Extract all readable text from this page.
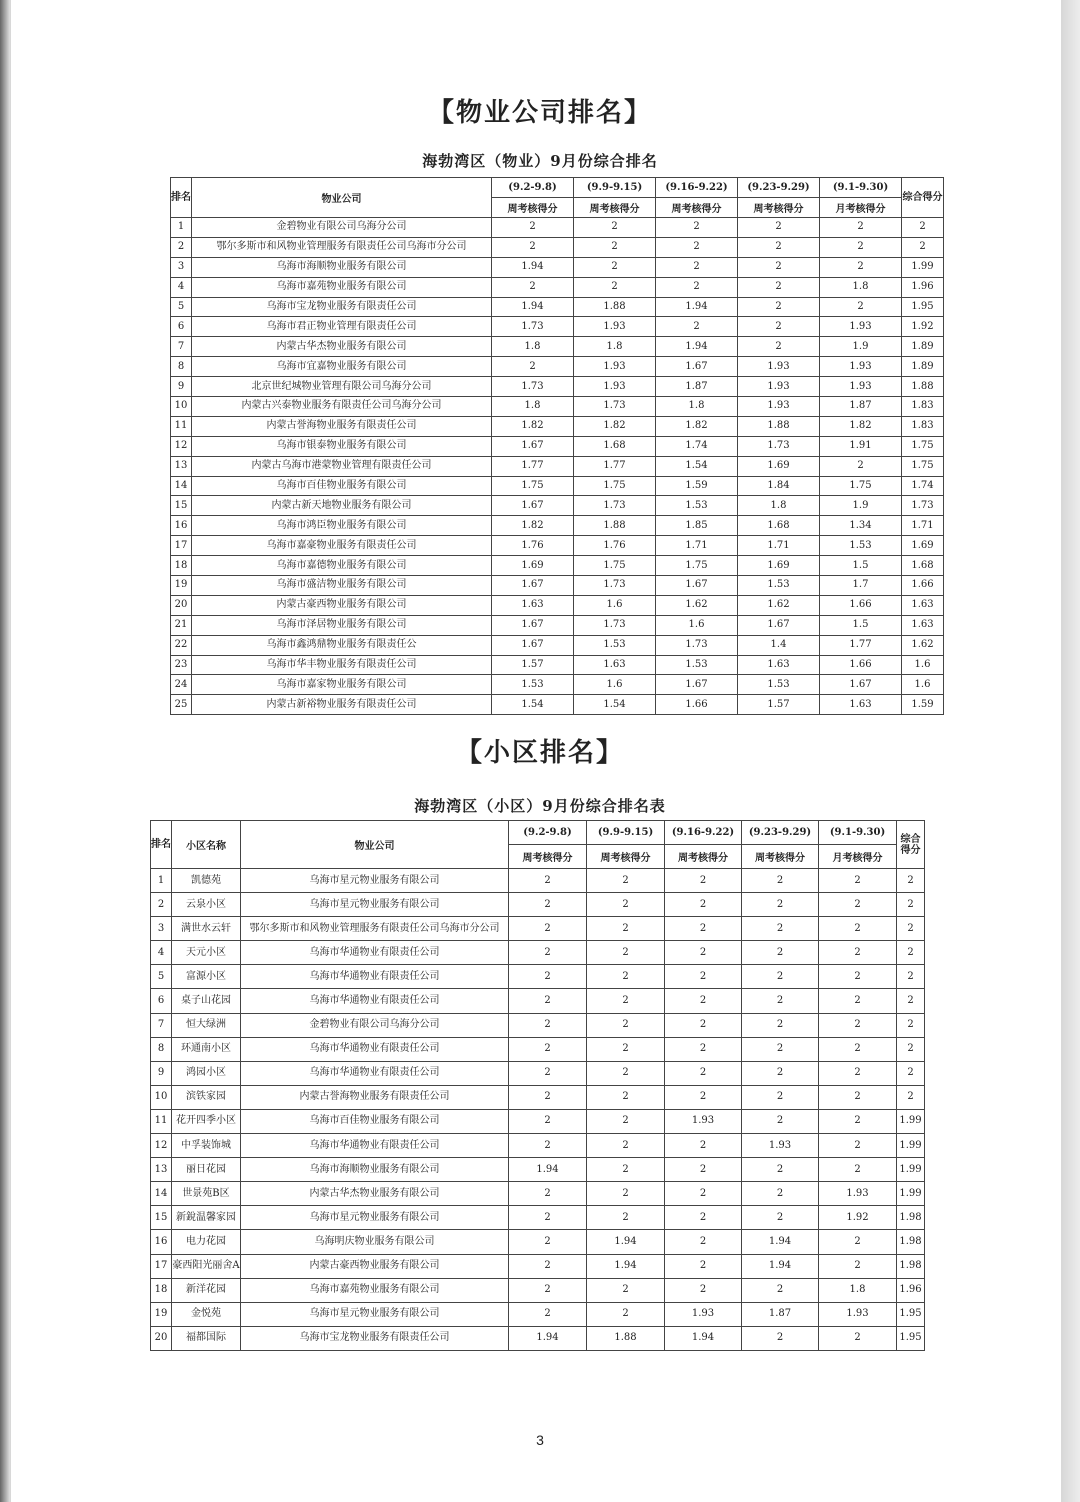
【物业公司排名】
海勃湾区（物业）9月份综合排名
排名	物业公司	(9.2-9.8)	(9.9-9.15)	(9.16-9.22)	(9.23-9.29)	(9.1-9.30)	综合得分
		周考核得分	周考核得分	周考核得分	周考核得分	月考核得分	
1	金碧物业有限公司乌海分公司	2	2	2	2	2	2
2	鄂尔多斯市和风物业管理服务有限责任公司乌海市分公司	2	2	2	2	2	2
3	乌海市海顺物业服务有限公司	1.94	2	2	2	2	1.99
4	乌海市嘉苑物业服务有限公司	2	2	2	2	1.8	1.96
5	乌海市宝龙物业服务有限责任公司	1.94	1.88	1.94	2	2	1.95
6	乌海市君正物业管理有限责任公司	1.73	1.93	2	2	1.93	1.92
7	内蒙古华杰物业服务有限公司	1.8	1.8	1.94	2	1.9	1.89
8	乌海市宜嘉物业服务有限公司	2	1.93	1.67	1.93	1.93	1.89
9	北京世纪城物业管理有限公司乌海分公司	1.73	1.93	1.87	1.93	1.93	1.88
10	内蒙古兴泰物业服务有限责任公司乌海分公司	1.8	1.73	1.8	1.93	1.87	1.83
11	内蒙古誉海物业服务有限责任公司	1.82	1.82	1.82	1.88	1.82	1.83
12	乌海市银泰物业服务有限公司	1.67	1.68	1.74	1.73	1.91	1.75
13	内蒙古乌海市港蒙物业管理有限责任公司	1.77	1.77	1.54	1.69	2	1.75
14	乌海市百佳物业服务有限公司	1.75	1.75	1.59	1.84	1.75	1.74
15	内蒙古新天地物业服务有限公司	1.67	1.73	1.53	1.8	1.9	1.73
16	乌海市鸿臣物业服务有限公司	1.82	1.88	1.85	1.68	1.34	1.71
17	乌海市嘉豪物业服务有限责任公司	1.76	1.76	1.71	1.71	1.53	1.69
18	乌海市嘉德物业服务有限公司	1.69	1.75	1.75	1.69	1.5	1.68
19	乌海市盛洁物业服务有限公司	1.67	1.73	1.67	1.53	1.7	1.66
20	内蒙古豪西物业服务有限公司	1.63	1.6	1.62	1.62	1.66	1.63
21	乌海市泽居物业服务有限公司	1.67	1.73	1.6	1.67	1.5	1.63
22	乌海市鑫鸿鼎物业服务有限责任公	1.67	1.53	1.73	1.4	1.77	1.62
23	乌海市华丰物业服务有限责任公司	1.57	1.63	1.53	1.63	1.66	1.6
24	乌海市嘉家物业服务有限公司	1.53	1.6	1.67	1.53	1.67	1.6
25	内蒙古新裕物业服务有限责任公司	1.54	1.54	1.66	1.57	1.63	1.59
【小区排名】
海勃湾区（小区）9月份综合排名表
排名	小区名称	物业公司	(9.2-9.8)	(9.9-9.15)	(9.16-9.22)	(9.23-9.29)	(9.1-9.30)	综合得分
			周考核得分	周考核得分	周考核得分	周考核得分	月考核得分	
1	凯德苑	乌海市星元物业服务有限公司	2	2	2	2	2	2
2	云泉小区	乌海市星元物业服务有限公司	2	2	2	2	2	2
3	满世水云轩	鄂尔多斯市和风物业管理服务有限责任公司乌海市分公司	2	2	2	2	2	2
4	天元小区	乌海市华通物业有限责任公司	2	2	2	2	2	2
5	富源小区	乌海市华通物业有限责任公司	2	2	2	2	2	2
6	桌子山花园	乌海市华通物业有限责任公司	2	2	2	2	2	2
7	恒大绿洲	金碧物业有限公司乌海分公司	2	2	2	2	2	2
8	环通南小区	乌海市华通物业有限责任公司	2	2	2	2	2	2
9	鸿园小区	乌海市华通物业有限责任公司	2	2	2	2	2	2
10	滨铁家园	内蒙古誉海物业服务有限责任公司	2	2	2	2	2	2
11	花开四季小区	乌海市百佳物业服务有限公司	2	2	1.93	2	2	1.99
12	中孚装饰城	乌海市华通物业有限责任公司	2	2	2	1.93	2	1.99
13	丽日花园	乌海市海顺物业服务有限公司	1.94	2	2	2	2	1.99
14	世景苑B区	内蒙古华杰物业服务有限公司	2	2	2	2	1.93	1.99
15	新銳温馨家园	乌海市星元物业服务有限公司	2	2	2	2	1.92	1.98
16	电力花园	乌海明庆物业服务有限公司	2	1.94	2	1.94	2	1.98
17	豪西阳光丽舍A	内蒙古豪西物业服务有限公司	2	1.94	2	1.94	2	1.98
18	新洋花园	乌海市嘉苑物业服务有限公司	2	2	2	2	1.8	1.96
19	金悦苑	乌海市星元物业服务有限公司	2	2	1.93	1.87	1.93	1.95
20	福都国际	乌海市宝龙物业服务有限责任公司	1.94	1.88	1.94	2	2	1.95
3
